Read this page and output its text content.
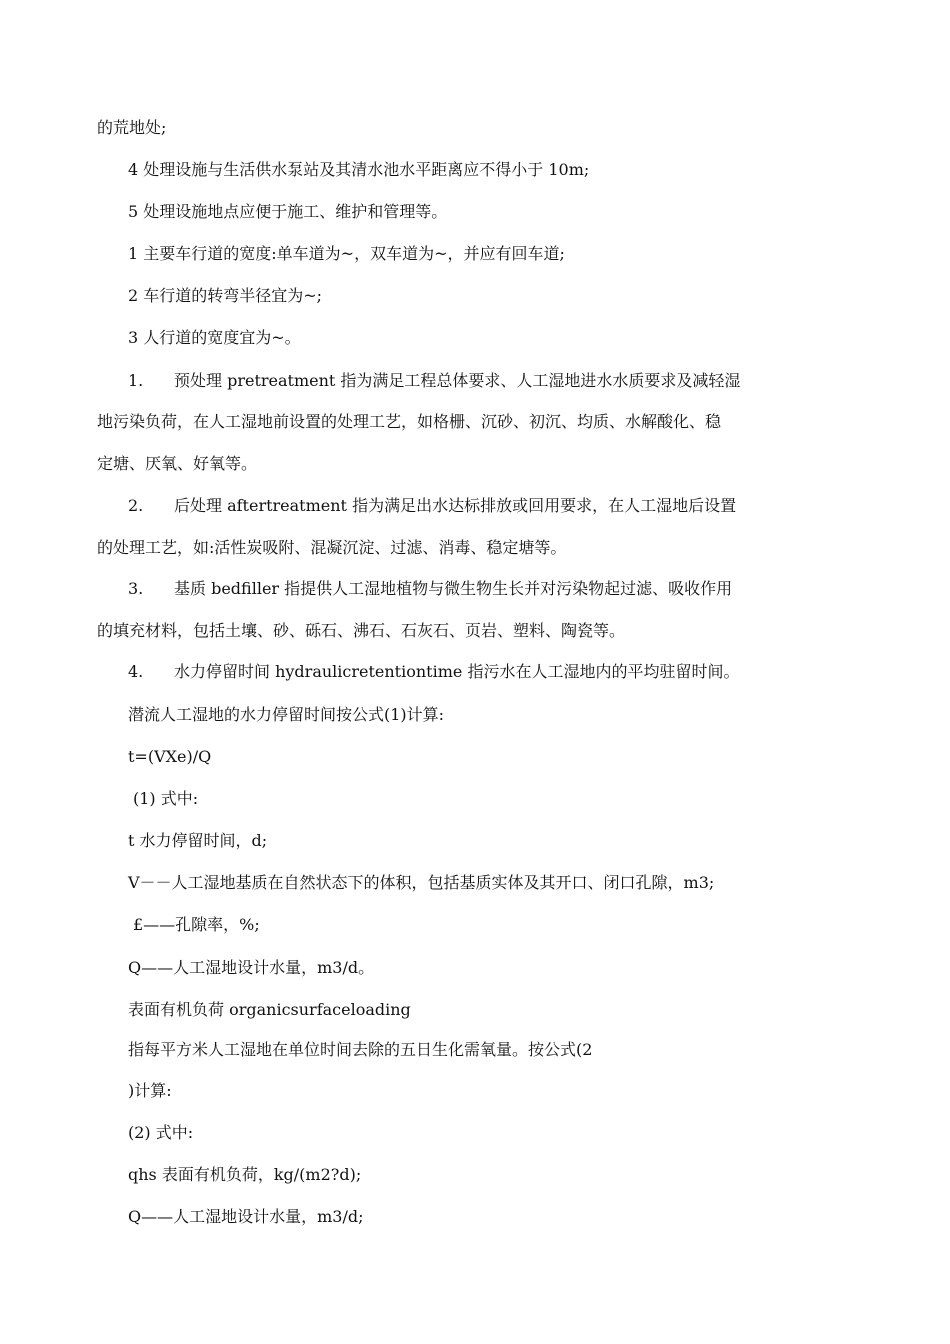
的荒地处;
4 处理设施与生活供水泵站及其清水池水平距离应不得小于 10m;
5 处理设施地点应便于施工、维护和管理等。
1 主要车行道的宽度:单车道为~，双车道为~，并应有回车道;
2 车行道的转弯半径宜为~;
3 人行道的宽度宜为~。
1. 预处理 pretreatment 指为满足工程总体要求、人工湿地进水水质要求及减轻湿
地污染负荷，在人工湿地前设置的处理工艺，如格栅、沉砂、初沉、均质、水解酸化、稳
定塘、厌氧、好氧等。
2. 后处理 aftertreatment 指为满足出水达标排放或回用要求，在人工湿地后设置
的处理工艺，如:活性炭吸附、混凝沉淀、过滤、消毒、稳定塘等。
3. 基质 bedfiller 指提供人工湿地植物与微生物生长并对污染物起过滤、吸收作用
的填充材料，包括土壤、砂、砾石、沸石、石灰石、页岩、塑料、陶瓷等。
4. 水力停留时间 hydraulicretentiontime 指污水在人工湿地内的平均驻留时间。
潜流人工湿地的水力停留时间按公式(1)计算:
t=(VXe)/Q
(1) 式中:
t 水力停留时间，d;
V－－人工湿地基质在自然状态下的体积，包括基质实体及其开口、闭口孔隙，m3;
£——孔隙率，%;
Q——人工湿地设计水量，m3/d。
表面有机负荷 organicsurfaceloading
指每平方米人工湿地在单位时间去除的五日生化需氧量。按公式(2
)计算:
(2) 式中:
qhs 表面有机负荷，kg/(m2?d);
Q——人工湿地设计水量，m3/d;
